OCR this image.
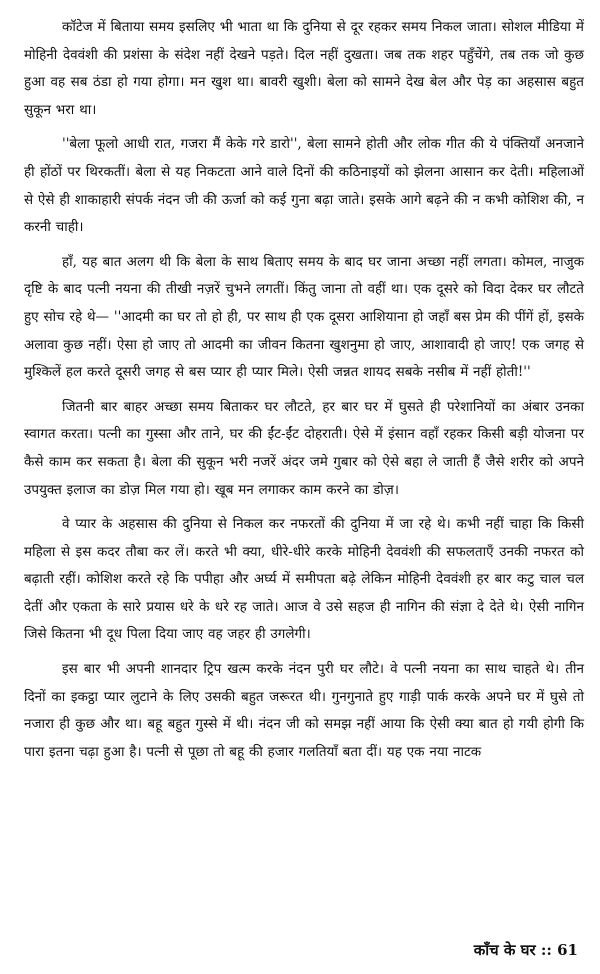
कॉटेज में बिताया समय इसलिए भी भाता था कि दुनिया से दूर रहकर समय निकल जाता। सोशल मीडिया में मोहिनी देववंशी की प्रशंसा के संदेश नहीं देखने पड़ते। दिल नहीं दुखता। जब तक शहर पहुँचेंगे, तब तक जो कुछ हुआ वह सब ठंडा हो गया होगा। मन खुश था। बावरी खुशी। बेला को सामने देख बेल और पेड़ का अहसास बहुत सुकून भरा था।

''बेला फूलो आधी रात, गजरा मैं केके गरे डारो'', बेला सामने होती और लोक गीत की ये पंक्तियाँ अनजाने ही होंठों पर थिरकतीं। बेला से यह निकटता आने वाले दिनों की कठिनाइयों को झेलना आसान कर देती। महिलाओं से ऐसे ही शाकाहारी संपर्क नंदन जी की ऊर्जा को कई गुना बढ़ा जाते। इसके आगे बढ़ने की न कभी कोशिश की, न करनी चाही।

हाँ, यह बात अलग थी कि बेला के साथ बिताए समय के बाद घर जाना अच्छा नहीं लगता। कोमल, नाजुक दृष्टि के बाद पत्नी नयना की तीखी नज़रें चुभने लगतीं। किंतु जाना तो वहीं था। एक दूसरे को विदा देकर घर लौटते हुए सोच रहे थे— ''आदमी का घर तो हो ही, पर साथ ही एक दूसरा आशियाना हो जहाँ बस प्रेम की पींगें हों, इसके अलावा कुछ नहीं। ऐसा हो जाए तो आदमी का जीवन कितना खुशनुमा हो जाए, आशावादी हो जाए! एक जगह से मुश्किलें हल करते दूसरी जगह से बस प्यार ही प्यार मिले। ऐसी जन्नत शायद सबके नसीब में नहीं होती!''

जितनी बार बाहर अच्छा समय बिताकर घर लौटते, हर बार घर में घुसते ही परेशानियों का अंबार उनका स्वागत करता। पत्नी का गुस्सा और ताने, घर की ईंट-ईंट दोहराती। ऐसे में इंसान वहाँ रहकर किसी बड़ी योजना पर कैसे काम कर सकता है। बेला की सुकून भरी नजरें अंदर जमे गुबार को ऐसे बहा ले जाती हैं जैसे शरीर को अपने उपयुक्त इलाज का डोज़ मिल गया हो। खूब मन लगाकर काम करने का डोज़।

वे प्यार के अहसास की दुनिया से निकल कर नफरतों की दुनिया में जा रहे थे। कभी नहीं चाहा कि किसी महिला से इस कदर तौबा कर लें। करते भी क्या, धीरे-धीरे करके मोहिनी देववंशी की सफलताएँ उनकी नफरत को बढ़ाती रहीं। कोशिश करते रहे कि पपीहा और अर्घ्य में समीपता बढ़े लेकिन मोहिनी देववंशी हर बार कटु चाल चल देतीं और एकता के सारे प्रयास धरे के धरे रह जाते। आज वे उसे सहज ही नागिन की संज्ञा दे देते थे। ऐसी नागिन जिसे कितना भी दूध पिला दिया जाए वह जहर ही उगलेगी।

इस बार भी अपनी शानदार ट्रिप खत्म करके नंदन पुरी घर लौटे। वे पत्नी नयना का साथ चाहते थे। तीन दिनों का इकट्ठा प्यार लुटाने के लिए उसकी बहुत जरूरत थी। गुनगुनाते हुए गाड़ी पार्क करके अपने घर में घुसे तो नजारा ही कुछ और था। बहू बहुत गुस्से में थी। नंदन जी को समझ नहीं आया कि ऐसी क्या बात हो गयी होगी कि पारा इतना चढ़ा हुआ है। पत्नी से पूछा तो बहू की हजार गलतियाँ बता दीं। यह एक नया नाटक

काँच के घर :: 61
